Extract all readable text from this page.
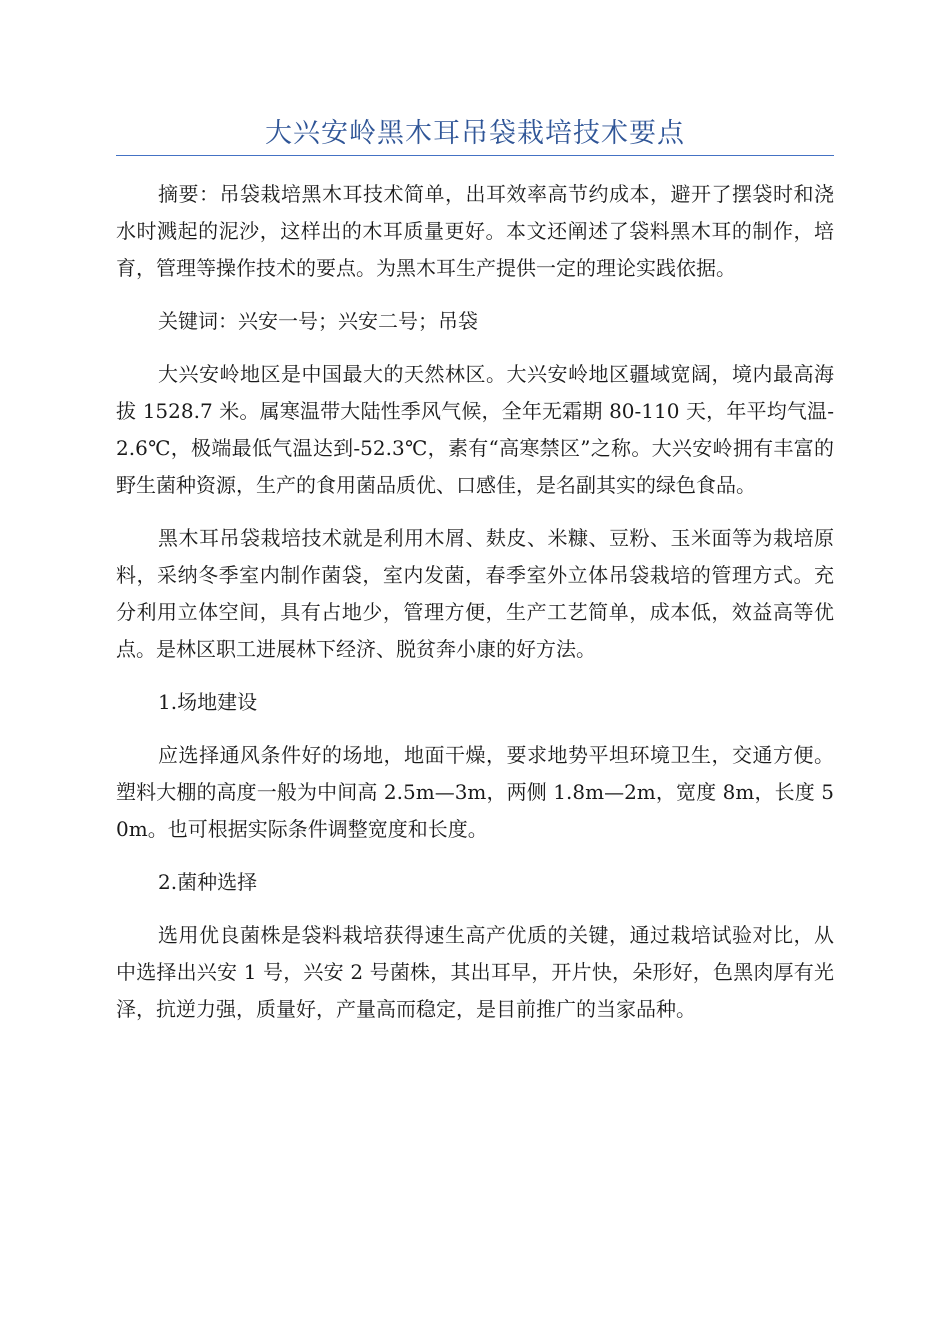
大兴安岭黑木耳吊袋栽培技术要点

摘要：吊袋栽培黑木耳技术简单，出耳效率高节约成本，避开了摆袋时和浇水时溅起的泥沙，这样出的木耳质量更好。本文还阐述了袋料黑木耳的制作，培育，管理等操作技术的要点。为黑木耳生产提供一定的理论实践依据。

关键词：兴安一号；兴安二号；吊袋

大兴安岭地区是中国最大的天然林区。大兴安岭地区疆域宽阔，境内最高海拔 1528.7 米。属寒温带大陆性季风气候，全年无霜期 80-110 天，年平均气温-2.6℃，极端最低气温达到-52.3℃，素有“高寒禁区”之称。大兴安岭拥有丰富的野生菌种资源，生产的食用菌品质优、口感佳，是名副其实的绿色食品。

黑木耳吊袋栽培技术就是利用木屑、麸皮、米糠、豆粉、玉米面等为栽培原料，采纳冬季室内制作菌袋，室内发菌，春季室外立体吊袋栽培的管理方式。充分利用立体空间，具有占地少，管理方便，生产工艺简单，成本低，效益高等优点。是林区职工进展林下经济、脱贫奔小康的好方法。

1.场地建设

应选择通风条件好的场地，地面干燥，要求地势平坦环境卫生，交通方便。塑料大棚的高度一般为中间高 2.5m—3m，两侧 1.8m—2m，宽度 8m，长度 50m。也可根据实际条件调整宽度和长度。

2.菌种选择

选用优良菌株是袋料栽培获得速生高产优质的关键，通过栽培试验对比，从中选择出兴安 1 号，兴安 2 号菌株，其出耳早，开片快，朵形好，色黑肉厚有光泽，抗逆力强，质量好，产量高而稳定，是目前推广的当家品种。
